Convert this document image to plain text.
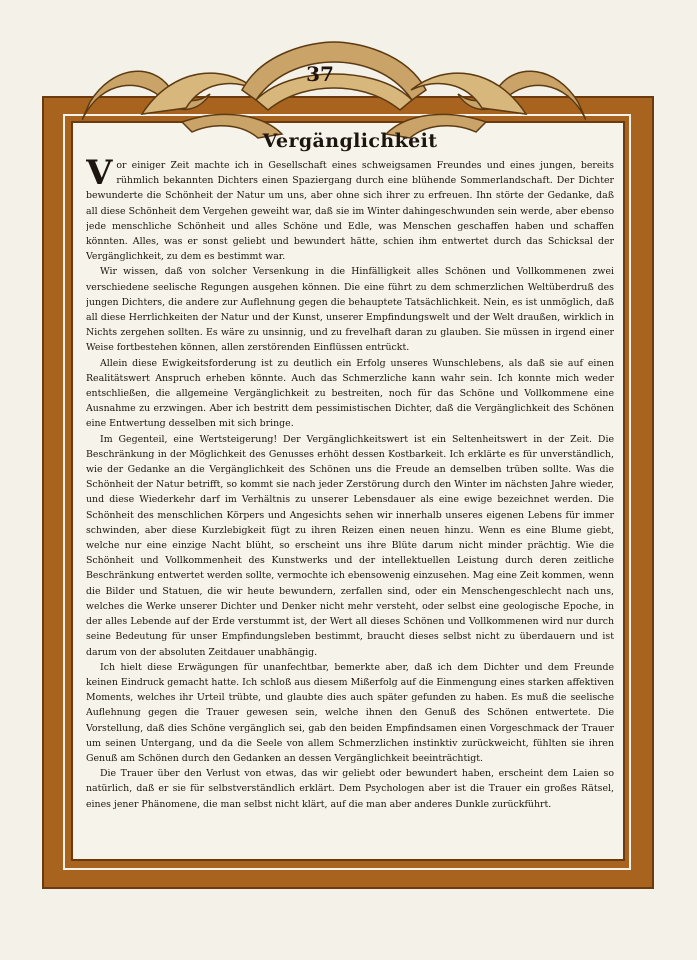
37
Vergänglichkeit

Vor einiger Zeit machte ich in Gesellschaft eines schweigsamen Freundes und eines jungen, bereits rühmlich bekannten Dichters einen Spaziergang durch eine blühende Sommerlandschaft. Der Dichter bewunderte die Schönheit der Natur um uns, aber ohne sich ihrer zu erfreuen. Ihn störte der Gedanke, daß all diese Schönheit dem Vergehen geweiht war, daß sie im Winter dahingeschwunden sein werde, aber ebenso jede menschliche Schönheit und alles Schöne und Edle, was Menschen geschaffen haben und schaffen könnten. Alles, was er sonst geliebt und bewundert hätte, schien ihm entwertet durch das Schicksal der Vergänglichkeit, zu dem es bestimmt war.

Wir wissen, daß von solcher Versenkung in die Hinfälligkeit alles Schönen und Vollkommenen zwei verschiedene seelische Regungen ausgehen können. Die eine führt zu dem schmerzlichen Weltüberdruß des jungen Dichters, die andere zur Auflehnung gegen die behauptete Tatsächlichkeit. Nein, es ist unmöglich, daß all diese Herrlichkeiten der Natur und der Kunst, unserer Empfindungswelt und der Welt draußen, wirklich in Nichts zergehen sollten. Es wäre zu unsinnig, und zu frevelhaft daran zu glauben. Sie müssen in irgend einer Weise fortbestehen können, allen zerstörenden Einflüssen entrückt.

Allein diese Ewigkeitsforderung ist zu deutlich ein Erfolg unseres Wunschlebens, als daß sie auf einen Realitätswert Anspruch erheben könnte. Auch das Schmerzliche kann wahr sein. Ich konnte mich weder entschließen, die allgemeine Vergänglichkeit zu bestreiten, noch für das Schöne und Vollkommene eine Ausnahme zu erzwingen. Aber ich bestritt dem pessimistischen Dichter, daß die Vergänglichkeit des Schönen eine Entwertung desselben mit sich bringe.

Im Gegenteil, eine Wertsteigerung! Der Vergänglichkeitswert ist ein Seltenheitswert in der Zeit. Die Beschränkung in der Möglichkeit des Genusses erhöht dessen Kostbarkeit. Ich erklärte es für unverständlich, wie der Gedanke an die Vergänglichkeit des Schönen uns die Freude an demselben trüben sollte. Was die Schönheit der Natur betrifft, so kommt sie nach jeder Zerstörung durch den Winter im nächsten Jahre wieder, und diese Wiederkehr darf im Verhältnis zu unserer Lebensdauer als eine ewige bezeichnet werden. Die Schönheit des menschlichen Körpers und Angesichts sehen wir innerhalb unseres eigenen Lebens für immer schwinden, aber diese Kurzlebigkeit fügt zu ihren Reizen einen neuen hinzu. Wenn es eine Blume giebt, welche nur eine einzige Nacht blüht, so erscheint uns ihre Blüte darum nicht minder prächtig. Wie die Schönheit und Vollkommenheit des Kunstwerks und der intellektuellen Leistung durch deren zeitliche Beschränkung entwertet werden sollte, vermochte ich ebensowenig einzusehen. Mag eine Zeit kommen, wenn die Bilder und Statuen, die wir heute bewundern, zerfallen sind, oder ein Menschengeschlecht nach uns, welches die Werke unserer Dichter und Denker nicht mehr versteht, oder selbst eine geologische Epoche, in der alles Lebende auf der Erde verstummt ist, der Wert all dieses Schönen und Vollkommenen wird nur durch seine Bedeutung für unser Empfindungsleben bestimmt, braucht dieses selbst nicht zu überdauern und ist darum von der absoluten Zeitdauer unabhängig.

Ich hielt diese Erwägungen für unanfechtbar, bemerkte aber, daß ich dem Dichter und dem Freunde keinen Eindruck gemacht hatte. Ich schloß aus diesem Mißerfolg auf die Einmengung eines starken affektiven Moments, welches ihr Urteil trübte, und glaubte dies auch später gefunden zu haben. Es muß die seelische Auflehnung gegen die Trauer gewesen sein, welche ihnen den Genuß des Schönen entwertete. Die Vorstellung, daß dies Schöne vergänglich sei, gab den beiden Empfindsamen einen Vorgeschmack der Trauer um seinen Untergang, und da die Seele von allem Schmerzlichen instinktiv zurückweicht, fühlten sie ihren Genuß am Schönen durch den Gedanken an dessen Vergänglichkeit beeinträchtigt.

Die Trauer über den Verlust von etwas, das wir geliebt oder bewundert haben, erscheint dem Laien so natürlich, daß er sie für selbstverständlich erklärt. Dem Psychologen aber ist die Trauer ein großes Rätsel, eines jener Phänomene, die man selbst nicht klärt, auf die man aber anderes Dunkle zurückführt.
